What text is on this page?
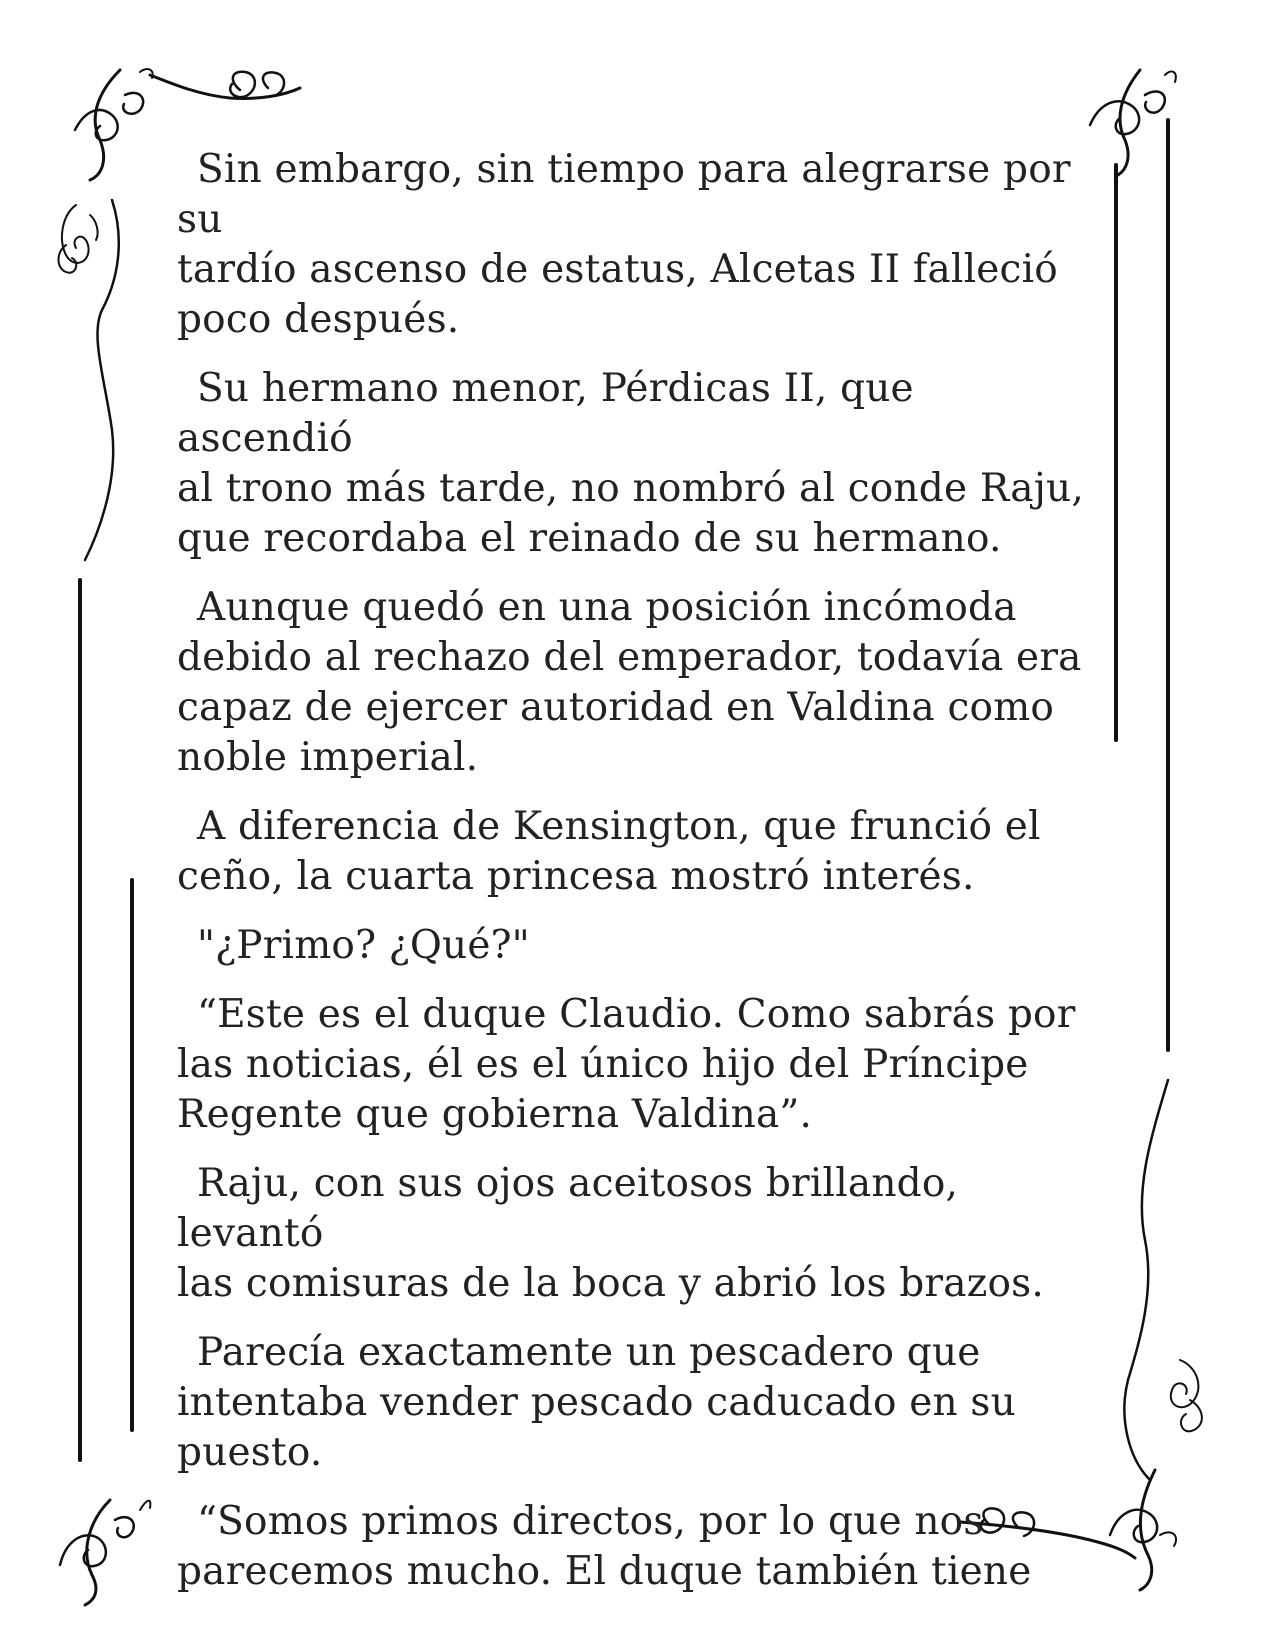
Sin embargo, sin tiempo para alegrarse por su
tardío ascenso de estatus, Alcetas II falleció
poco después.

Su hermano menor, Pérdicas II, que ascendió
al trono más tarde, no nombró al conde Raju,
que recordaba el reinado de su hermano.

Aunque quedó en una posición incómoda
debido al rechazo del emperador, todavía era
capaz de ejercer autoridad en Valdina como
noble imperial.

A diferencia de Kensington, que frunció el
ceño, la cuarta princesa mostró interés.

"¿Primo? ¿Qué?"

“Este es el duque Claudio. Como sabrás por
las noticias, él es el único hijo del Príncipe
Regente que gobierna Valdina”.

Raju, con sus ojos aceitosos brillando, levantó
las comisuras de la boca y abrió los brazos.

Parecía exactamente un pescadero que
intentaba vender pescado caducado en su
puesto.

“Somos primos directos, por lo que nos
parecemos mucho. El duque también tiene
